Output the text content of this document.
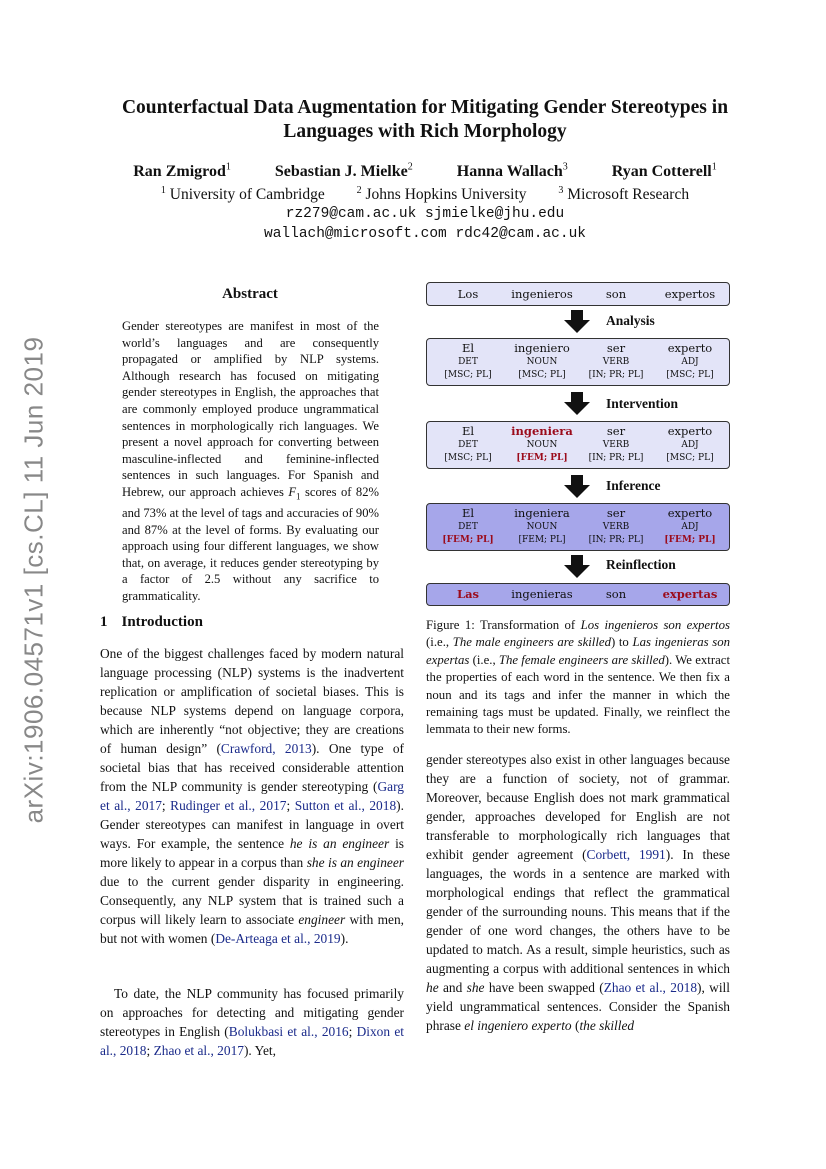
arXiv:1906.04571v1 [cs.CL] 11 Jun 2019
Counterfactual Data Augmentation for Mitigating Gender Stereotypes in
Languages with Rich Morphology
Ran Zmigrod$^1$	Sebastian J. Mielke$^2$	Hanna Wallach$^3$	Ryan Cotterell$^1$
$^1$ University of Cambridge	$^2$ Johns Hopkins University	$^3$ Microsoft Research
rz279@cam.ac.uk sjmielke@jhu.edu
wallach@microsoft.com rdc42@cam.ac.uk
Abstract
Gender stereotypes are manifest in most of the world’s languages and are consequently propagated or amplified by NLP systems. Although research has focused on mitigating gender stereotypes in English, the approaches that are commonly employed produce ungrammatical sentences in morphologically rich languages. We present a novel approach for converting between masculine-inflected and feminine-inflected sentences in such languages. For Spanish and Hebrew, our approach achieves $F_1$ scores of 82% and 73% at the level of tags and accuracies of 90% and 87% at the level of forms. By evaluating our approach using four different languages, we show that, on average, it reduces gender stereotyping by a factor of 2.5 without any sacrifice to grammaticality.
1 Introduction
One of the biggest challenges faced by modern natural language processing (NLP) systems is the inadvertent replication or amplification of societal biases. This is because NLP systems depend on language corpora, which are inherently “not objective; they are creations of human design” (Crawford, 2013). One type of societal bias that has received considerable attention from the NLP community is gender stereotyping (Garg et al., 2017; Rudinger et al., 2017; Sutton et al., 2018). Gender stereotypes can manifest in language in overt ways. For example, the sentence he is an engineer is more likely to appear in a corpus than she is an engineer due to the current gender disparity in engineering. Consequently, any NLP system that is trained such a corpus will likely learn to associate engineer with men, but not with women (De-Arteaga et al., 2019).
To date, the NLP community has focused primarily on approaches for detecting and mitigating gender stereotypes in English (Bolukbasi et al., 2016; Dixon et al., 2018; Zhao et al., 2017). Yet,
Los	ingenieros	son	expertos
Analysis
El	ingeniero	ser	experto
DET	NOUN	VERB	ADJ
[MSC; PL]	[MSC; PL]	[IN; PR; PL]	[MSC; PL]
Intervention
El	ingeniera	ser	experto
DET	NOUN	VERB	ADJ
[MSC; PL]	[FEM; PL]	[IN; PR; PL]	[MSC; PL]
Inference
El	ingeniera	ser	experto
DET	NOUN	VERB	ADJ
[FEM; PL]	[FEM; PL]	[IN; PR; PL]	[FEM; PL]
Reinflection
Las	ingenieras	son	expertas
Figure 1: Transformation of Los ingenieros son expertos (i.e., The male engineers are skilled) to Las ingenieras son expertas (i.e., The female engineers are skilled). We extract the properties of each word in the sentence. We then fix a noun and its tags and infer the manner in which the remaining tags must be updated. Finally, we reinflect the lemmata to their new forms.
gender stereotypes also exist in other languages because they are a function of society, not of grammar. Moreover, because English does not mark grammatical gender, approaches developed for English are not transferable to morphologically rich languages that exhibit gender agreement (Corbett, 1991). In these languages, the words in a sentence are marked with morphological endings that reflect the grammatical gender of the surrounding nouns. This means that if the gender of one word changes, the others have to be updated to match. As a result, simple heuristics, such as augmenting a corpus with additional sentences in which he and she have been swapped (Zhao et al., 2018), will yield ungrammatical sentences. Consider the Spanish phrase el ingeniero experto (the skilled
